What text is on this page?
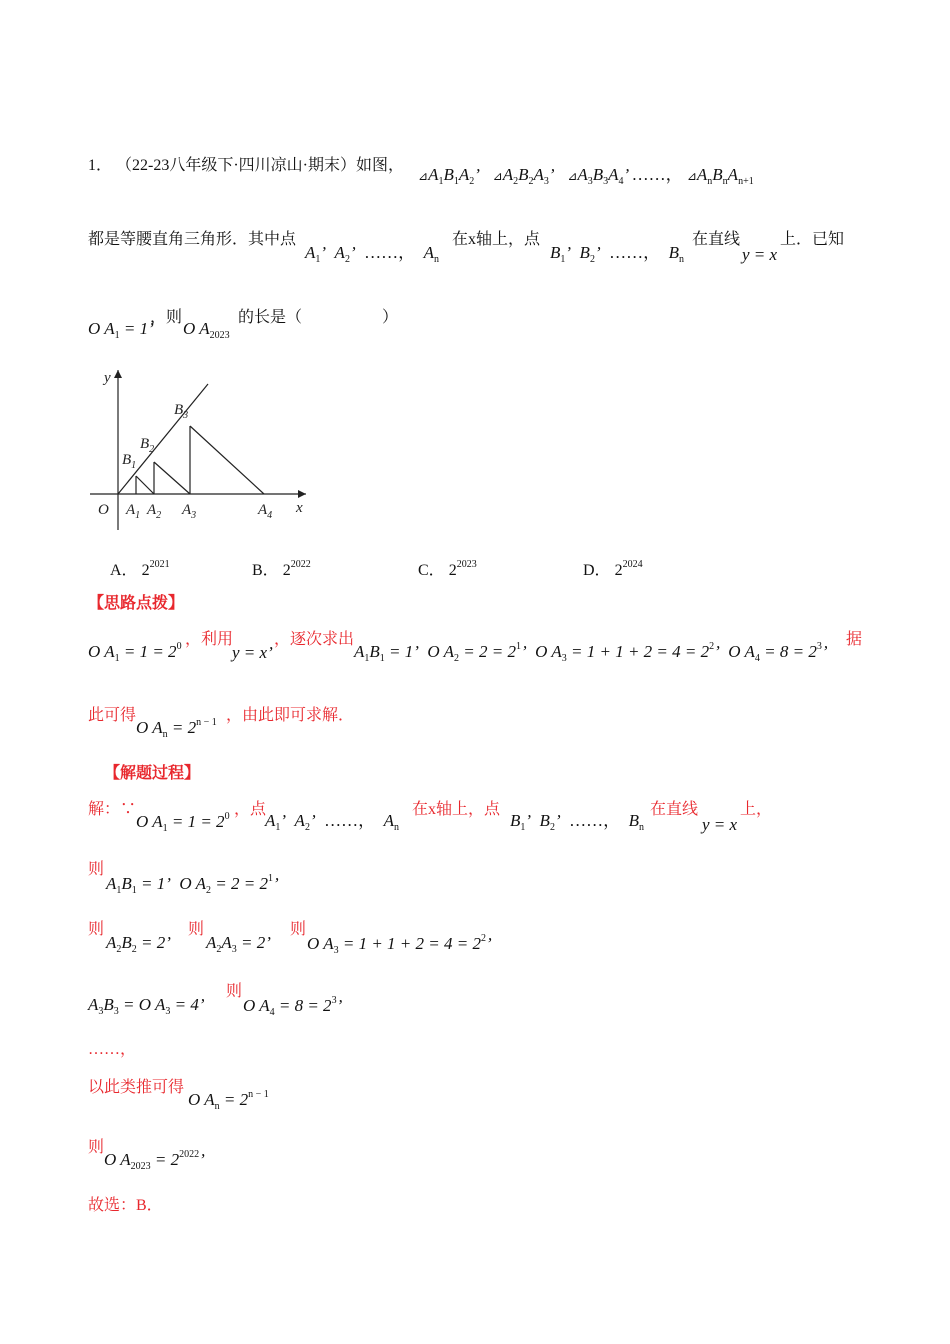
1． （22-23八年级下·四川凉山·期末）如图，
$⊿A_1B_1A_2$’   $⊿A_2B_2A_3$’   $⊿A_3B_3A_4$’ ……， $⊿A_nB_nA_{n+1}$
都是等腰直角三角形．其中点
$A_1$’  $A_2$’  ……，  $A_n$
在x轴上，点
$B_1$’  $B_2$’  ……，  $B_n$
在直线
y = x
上．已知
O $A_1 = 1$’
，则
O $A_{2023}$
的长是（　　　　　）
y
x
O $A_1$ $A_2$ $A_3$	$A_4$
$B_1$
$B_2$
$B_3$
A． $2^{2021}$	B． $2^{2022}$	C． $2^{2023}$	D． $2^{2024}$
【思路点拨】
O $A_1 = 1 = 2^0$ ，利用
y = x’
，逐次求出
$A_1B_1 = 1$’  O $A_2 = 2 = 2^1$’  O $A_3 = 1 + 1 + 2 = 4 = 2^2$’  O $A_4 = 8 = 2^3$’
据
此可得
O $A_n = 2^{n - 1}$ ，由此即可求解．
【解题过程】
解：∵
O $A_1 = 1 = 2^0$ ，点
$A_1$’  $A_2$’  ……，  $A_n$
在x轴上，点
$B_1$’  $B_2$’  ……，  $B_n$
在直线
y = x
上，
则
$A_1B_1 = 1$’  O $A_2 = 2 = 2^1$’
则
$A_2B_2 = 2$’
则
$A_2A_3 = 2$’
则
O $A_3 = 1 + 1 + 2 = 4 = 2^2$’
$A_3B_3 = O$ $A_3 = 4$’
则
O $A_4 = 8 = 2^3$’
……，
以此类推可得
O $A_n = 2^{n - 1}$
则
O $A_{2023} = 2^{2022}$’
故选：B．
